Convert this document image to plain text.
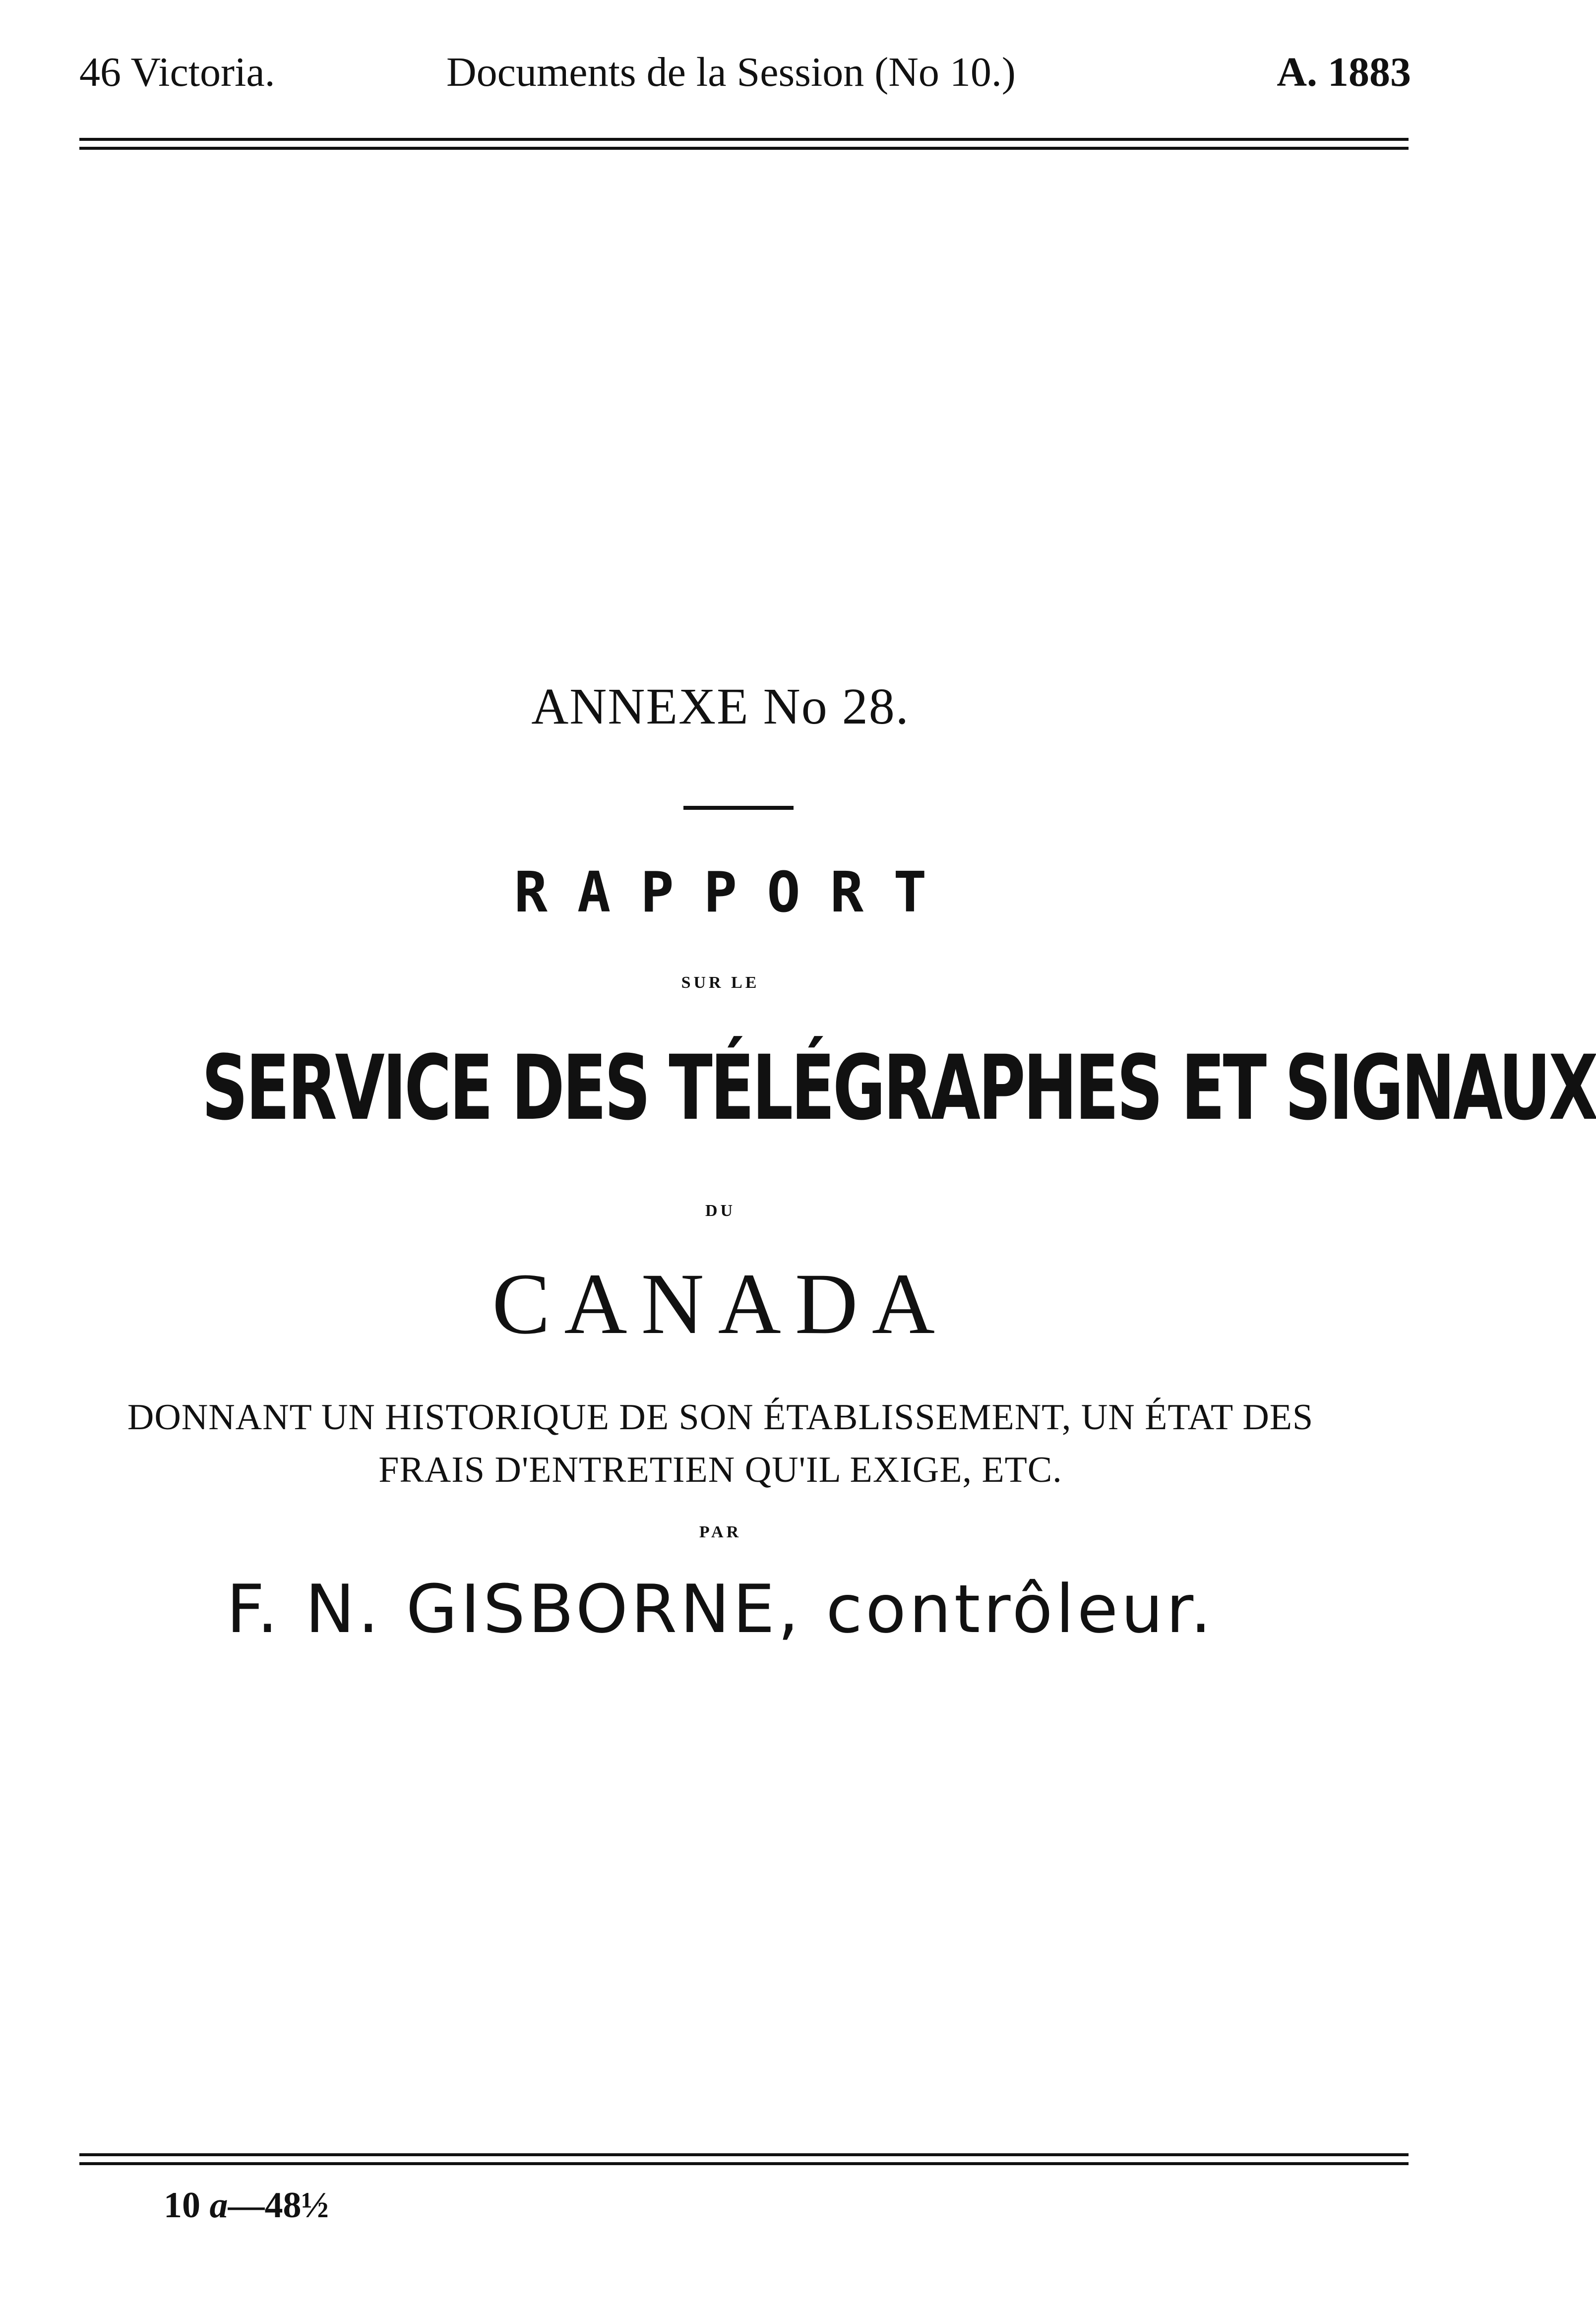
46 Victoria.	Documents de la Session (No 10.)	A. 1883
ANNEXE No 28.
RAPPORT
SUR LE
SERVICE DES TÉLÉGRAPHES ET SIGNAUX
DU
CANADA
DONNANT UN HISTORIQUE DE SON ÉTABLISSEMENT, UN ÉTAT DES
FRAIS D'ENTRETIEN QU'IL EXIGE, ETC.
PAR
F. N. GISBORNE, contrôleur.
10 a—48½
